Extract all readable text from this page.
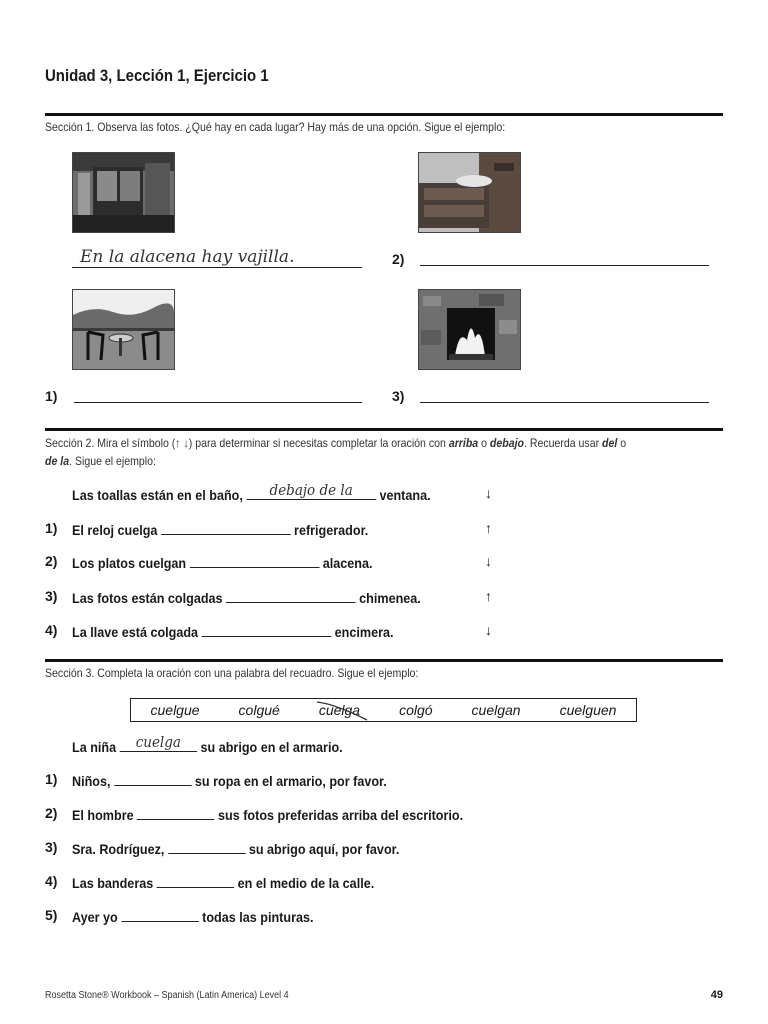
Unidad 3, Lección 1, Ejercicio 1
Sección 1. Observa las fotos. ¿Qué hay en cada lugar? Hay más de una opción. Sigue el ejemplo:
En la alacena hay vajilla.	2)
1)	3)
Sección 2. Mira el símbolo (↑ ↓) para determinar si necesitas completar la oración con arriba o debajo. Recuerda usar del o
de la. Sigue el ejemplo:
Las toallas están en el baño,	debajo de la	ventana.	↓
1) El reloj cuelga	refrigerador.	↑
2) Los platos cuelgan	alacena.	↓
3) Las fotos están colgadas	chimenea.	↑
4) La llave está colgada	encimera.	↓
Sección 3. Completa la oración con una palabra del recuadro. Sigue el ejemplo:
cuelgue	colgué	cuelga	colgó	cuelgan	cuelguen
La niña	cuelga	su abrigo en el armario.
1) Niños,	su ropa en el armario, por favor.
2) El hombre	sus fotos preferidas arriba del escritorio.
3) Sra. Rodríguez,	su abrigo aquí, por favor.
4) Las banderas	en el medio de la calle.
5) Ayer yo	todas las pinturas.
Rosetta Stone® Workbook – Spanish (Latin America) Level 4	49
